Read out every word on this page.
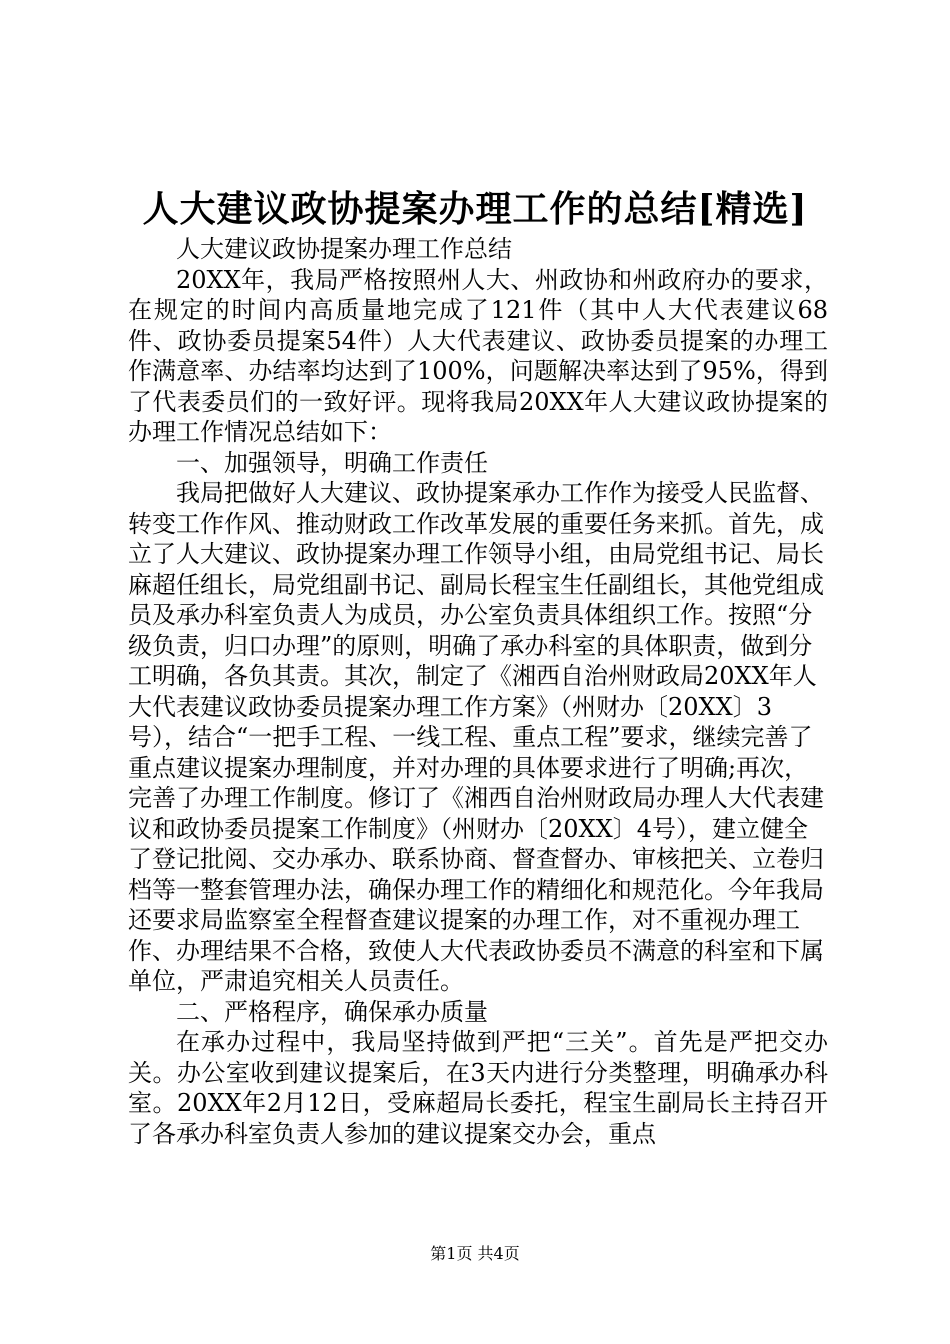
人大建议政协提案办理工作的总结[精选]

人大建议政协提案办理工作总结

20XX年，我局严格按照州人大、州政协和州政府办的要求，在规定的时间内高质量地完成了121件（其中人大代表建议68件、政协委员提案54件）人大代表建议、政协委员提案的办理工作满意率、办结率均达到了100%，问题解决率达到了95%，得到了代表委员们的一致好评。现将我局20XX年人大建议政协提案的办理工作情况总结如下：

一、加强领导，明确工作责任

我局把做好人大建议、政协提案承办工作作为接受人民监督、转变工作作风、推动财政工作改革发展的重要任务来抓。首先，成立了人大建议、政协提案办理工作领导小组，由局党组书记、局长麻超任组长，局党组副书记、副局长程宝生任副组长，其他党组成员及承办科室负责人为成员，办公室负责具体组织工作。按照“分级负责，归口办理”的原则，明确了承办科室的具体职责，做到分工明确，各负其责。其次，制定了《湘西自治州财政局20XX年人大代表建议政协委员提案办理工作方案》（州财办〔20XX〕3号），结合“一把手工程、一线工程、重点工程”要求，继续完善了重点建议提案办理制度，并对办理的具体要求进行了明确;再次，完善了办理工作制度。修订了《湘西自治州财政局办理人大代表建议和政协委员提案工作制度》（州财办〔20XX〕4号），建立健全了登记批阅、交办承办、联系协商、督查督办、审核把关、立卷归档等一整套管理办法，确保办理工作的精细化和规范化。今年我局还要求局监察室全程督查建议提案的办理工作，对不重视办理工作、办理结果不合格，致使人大代表政协委员不满意的科室和下属单位，严肃追究相关人员责任。

二、严格程序，确保承办质量

在承办过程中，我局坚持做到严把“三关”。首先是严把交办关。办公室收到建议提案后，在3天内进行分类整理，明确承办科室。20XX年2月12日，受麻超局长委托，程宝生副局长主持召开了各承办科室负责人参加的建议提案交办会，重点

第1页 共4页
